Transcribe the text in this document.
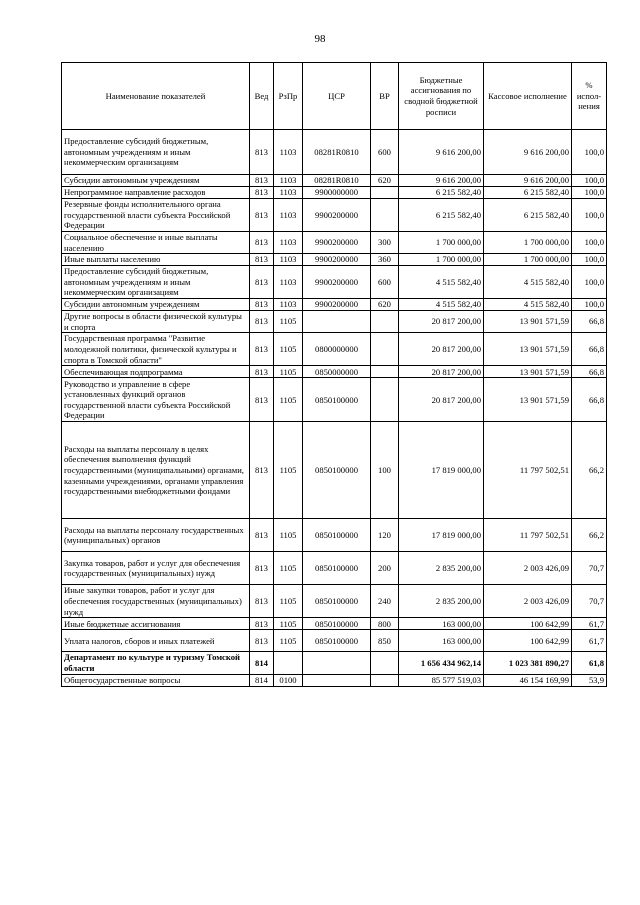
98
Наименование показателей	Вед	РзПр	ЦСР	ВР	Бюджетные ассигнования по сводной бюджетной росписи	Кассовое исполнение	% испол-нения
Предоставление субсидий бюджетным, автономным учреждениям и иным некоммерческим организациям	813	1103	08281R0810	600	9 616 200,00	9 616 200,00	100,0
Субсидии автономным учреждениям	813	1103	08281R0810	620	9 616 200,00	9 616 200,00	100,0
Непрограммное направление расходов	813	1103	9900000000		6 215 582,40	6 215 582,40	100,0
Резервные фонды исполнительного органа государственной власти субъекта Российской Федерации	813	1103	9900200000		6 215 582,40	6 215 582,40	100,0
Социальное обеспечение и иные выплаты населению	813	1103	9900200000	300	1 700 000,00	1 700 000,00	100,0
Иные выплаты населению	813	1103	9900200000	360	1 700 000,00	1 700 000,00	100,0
Предоставление субсидий бюджетным, автономным учреждениям и иным некоммерческим организациям	813	1103	9900200000	600	4 515 582,40	4 515 582,40	100,0
Субсидии автономным учреждениям	813	1103	9900200000	620	4 515 582,40	4 515 582,40	100,0
Другие вопросы в области физической культуры и спорта	813	1105			20 817 200,00	13 901 571,59	66,8
Государственная программа "Развитие молодежной политики, физической культуры и спорта в Томской области"	813	1105	0800000000		20 817 200,00	13 901 571,59	66,8
Обеспечивающая подпрограмма	813	1105	0850000000		20 817 200,00	13 901 571,59	66,8
Руководство и управление в сфере установленных функций органов государственной власти субъекта Российской Федерации	813	1105	0850100000		20 817 200,00	13 901 571,59	66,8
Расходы на выплаты персоналу в целях обеспечения выполнения функций государственными (муниципальными) органами, казенными учреждениями, органами управления государственными внебюджетными фондами	813	1105	0850100000	100	17 819 000,00	11 797 502,51	66,2
Расходы на выплаты персоналу государственных (муниципальных) органов	813	1105	0850100000	120	17 819 000,00	11 797 502,51	66,2
Закупка товаров, работ и услуг для обеспечения государственных (муниципальных) нужд	813	1105	0850100000	200	2 835 200,00	2 003 426,09	70,7
Иные закупки товаров, работ и услуг для обеспечения государственных (муниципальных) нужд	813	1105	0850100000	240	2 835 200,00	2 003 426,09	70,7
Иные бюджетные ассигнования	813	1105	0850100000	800	163 000,00	100 642,99	61,7
Уплата налогов, сборов и иных платежей	813	1105	0850100000	850	163 000,00	100 642,99	61,7
Департамент по культуре и туризму Томской области	814				1 656 434 962,14	1 023 381 890,27	61,8
Общегосударственные вопросы	814	0100			85 577 519,03	46 154 169,99	53,9
